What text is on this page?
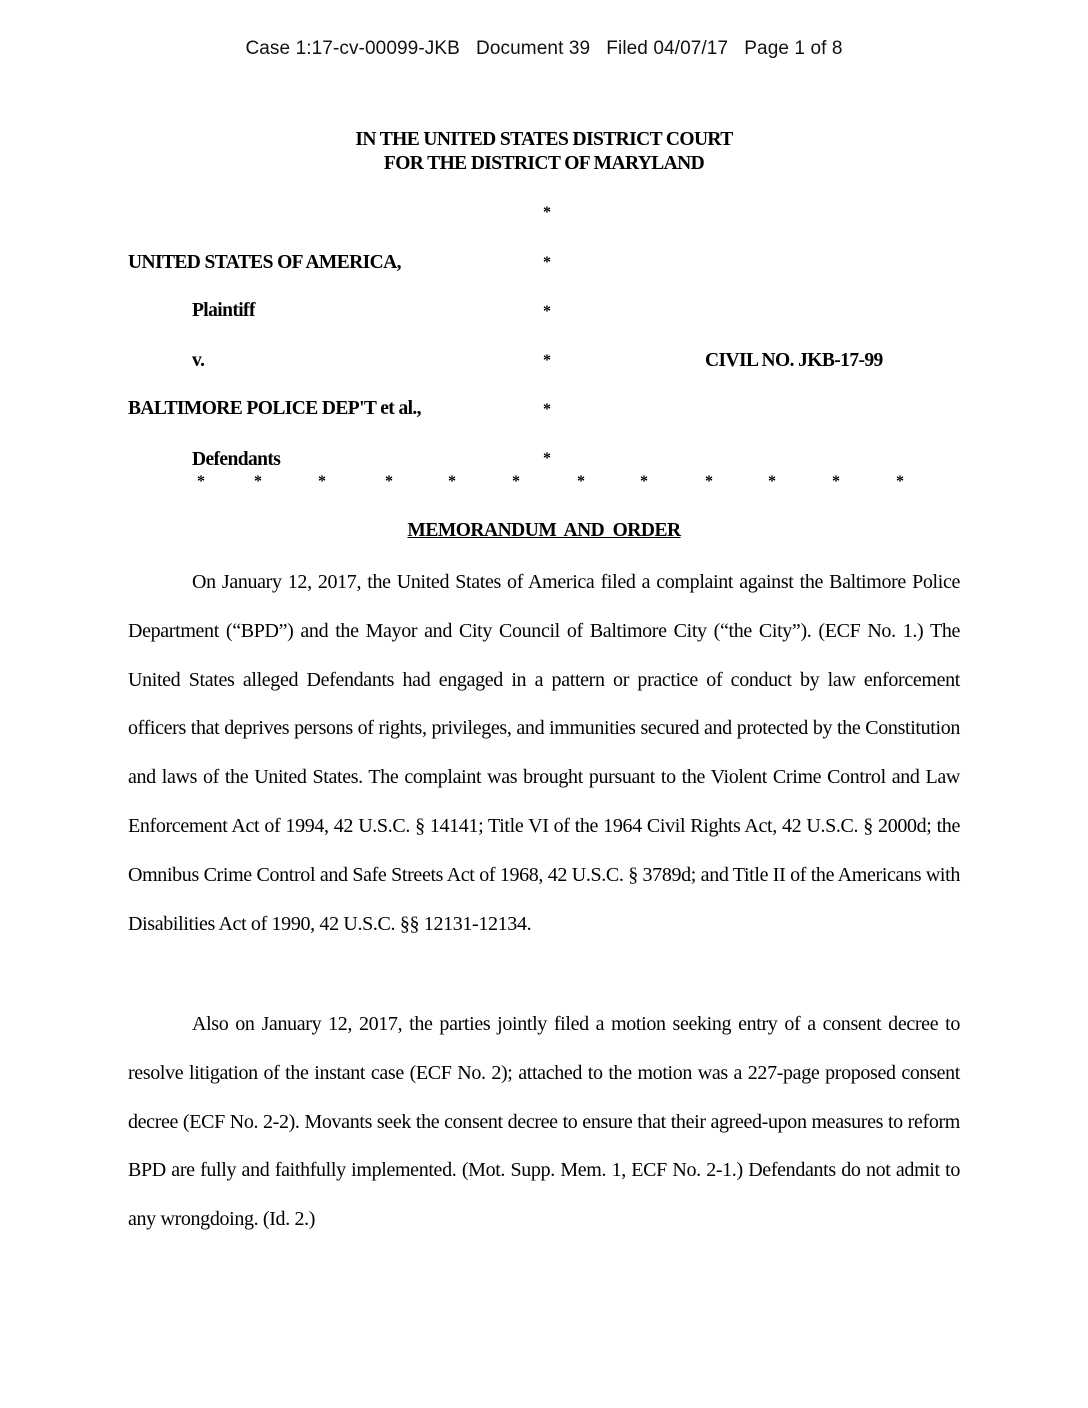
Case 1:17-cv-00099-JKB   Document 39   Filed 04/07/17   Page 1 of 8
IN THE UNITED STATES DISTRICT COURT
FOR THE DISTRICT OF MARYLAND
*
*
*
*
*
*
UNITED STATES OF AMERICA,
Plaintiff
v.	CIVIL NO. JKB-17-99
BALTIMORE POLICE DEP'T et al.,
Defendants
*	*	*	*	*	*	*	*	*	*	*	*
MEMORANDUM AND ORDER

On January 12, 2017, the United States of America filed a complaint against the Baltimore Police Department (“BPD”) and the Mayor and City Council of Baltimore City (“the City”). (ECF No. 1.) The United States alleged Defendants had engaged in a pattern or practice of conduct by law enforcement officers that deprives persons of rights, privileges, and immunities secured and protected by the Constitution and laws of the United States. The complaint was brought pursuant to the Violent Crime Control and Law Enforcement Act of 1994, 42 U.S.C. § 14141; Title VI of the 1964 Civil Rights Act, 42 U.S.C. § 2000d; the Omnibus Crime Control and Safe Streets Act of 1968, 42 U.S.C. § 3789d; and Title II of the Americans with Disabilities Act of 1990, 42 U.S.C. §§ 12131-12134.

Also on January 12, 2017, the parties jointly filed a motion seeking entry of a consent decree to resolve litigation of the instant case (ECF No. 2); attached to the motion was a 227-page proposed consent decree (ECF No. 2-2). Movants seek the consent decree to ensure that their agreed-upon measures to reform BPD are fully and faithfully implemented. (Mot. Supp. Mem. 1, ECF No. 2-1.) Defendants do not admit to any wrongdoing. (Id. 2.)
